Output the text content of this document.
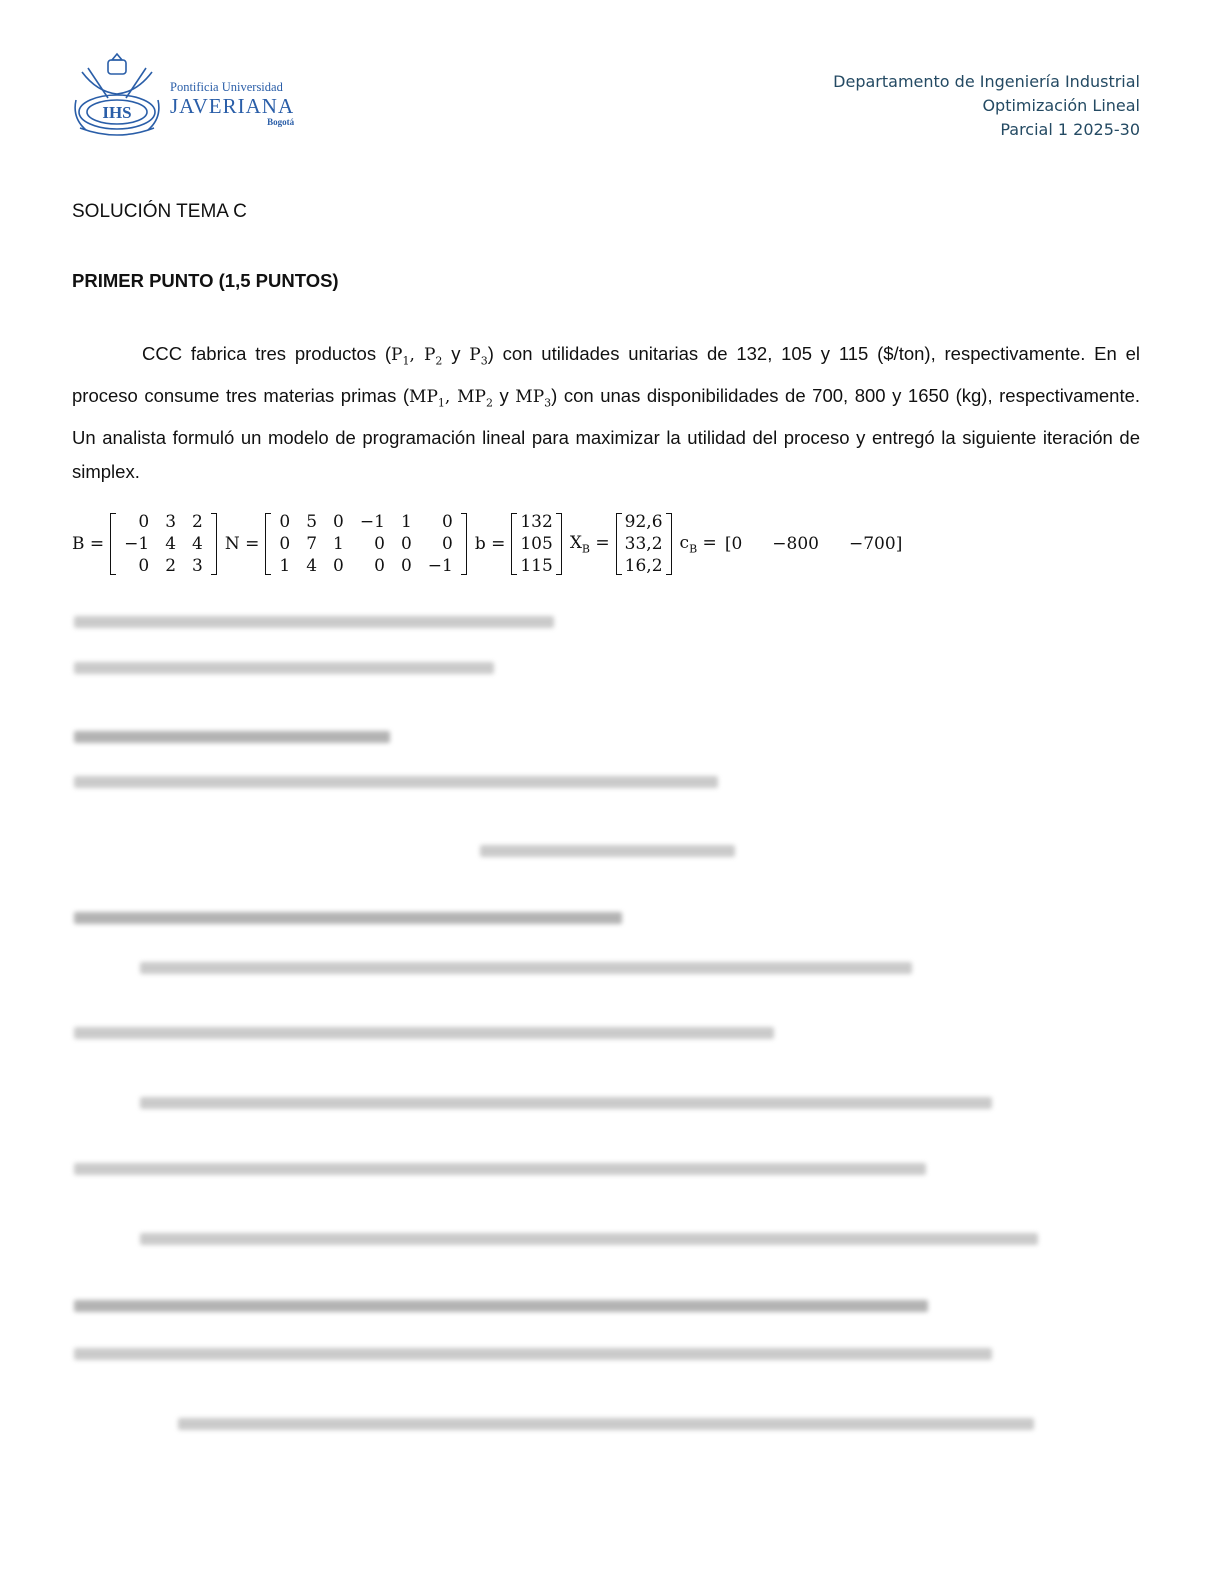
IHS
Pontificia Universidad
JAVERIANA
Bogotá
Departamento de Ingeniería Industrial
Optimización Lineal
Parcial 1 2025-30
SOLUCIÓN TEMA C
PRIMER PUNTO (1,5 PUNTOS)
CCC fabrica tres productos ($P_1$, $P_2$ y $P_3$) con utilidades unitarias de 132, 105 y 115 ($/ton), respectivamente. En el proceso consume tres materias primas ($MP_1$, $MP_2$ y $MP_3$) con unas disponibilidades de 700, 800 y 1650 (kg), respectivamente. Un analista formuló un modelo de programación lineal para maximizar la utilidad del proceso y entregó la siguiente iteración de simplex.
B =
0 3 2
−1 4 4
0 2 3
N =
0 5 0 −1 1	0
0 7 1	0 0	0
1 4 0	0 0 −1
b =
132
105
115
$X_B$ =
92,6
33,2
16,2
$c_B = [0 -800 -700]$
